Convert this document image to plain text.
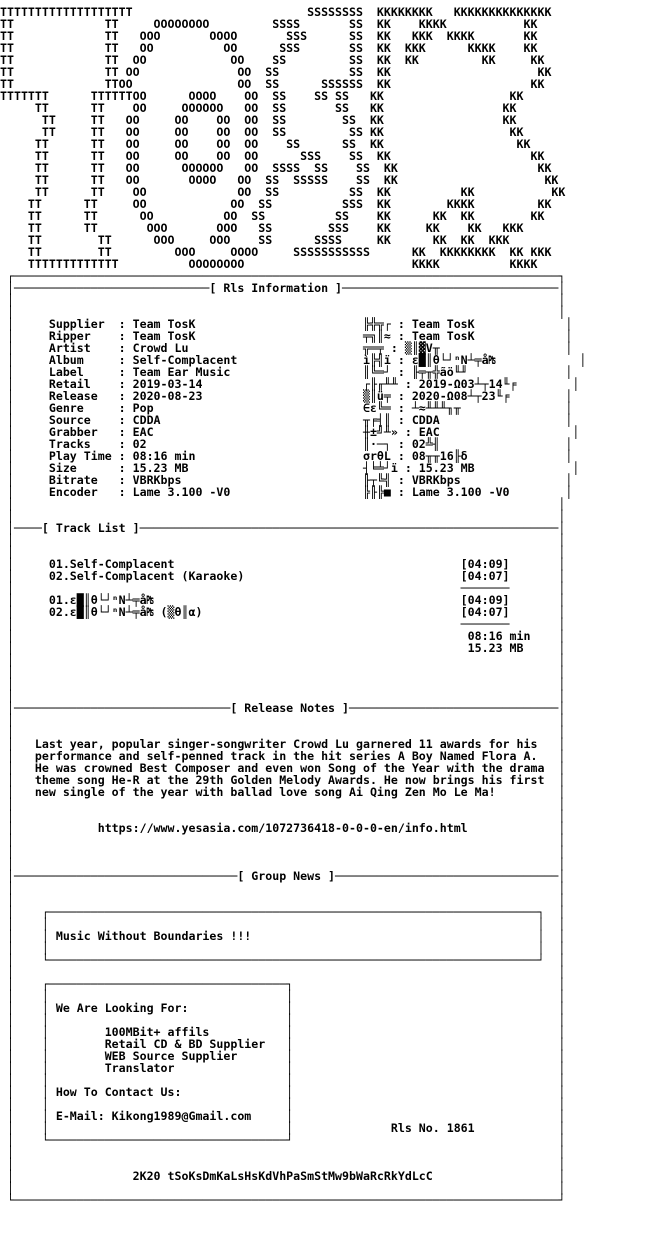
TTTTTTTTTTTTTTTTTTT                         SSSSSSSS  KKKKKKKK   KKKKKKKKKKKKKK
TT             TT     OOOOOOOO         SSSS       SS  KK    KKKK           KK
TT             TT   OOO       OOOO       SSS      SS  KK   KKK  KKKK       KK
TT             TT   OO          OO      SSS       SS  KK  KKK      KKKK    KK
TT             TT  OO            OO    SS         SS  KK  KK         KK     KK
TT             TT OO              OO  SS          SS  KK                     KK
TT             TTOO               OO  SS      SSSSSS  KK                    KK
TTTTTTT      TTTTTTOO      OOOO    OO  SS    SS SS   KK                  KK
TT      TT    OO     OOOOOO   OO  SS       SS   KK                 KK
TT     TT   OO     OO    OO  OO  SS        SS  KK                 KK
TT     TT   OO     OO    OO  OO  SS         SS KK                  KK
TT      TT   OO     OO    OO  OO    SS      SS  KK                   KK
TT      TT   OO     OO    OO  OO      SSS    SS  KK                    KK
TT      TT   OO      OOOOOO   OO  SSSS  SS    SS  KK                    KK
TT      TT   OO       OOOO   OO  SS  SSSSS    SS  KK                     KK
TT      TT    OO             OO  SS          SS  KK          KK           KK
TT      TT     OO            OO  SS          SSS  KK        KKKK         KK
TT      TT      OO          OO  SS          SS    KK      KK  KK        KK
TT      TT       OOO       OOO   SS        SSS    KK     KK    KK   KKK
TT        TT      OOO     OOO    SS      SSSS     KK      KK  KK  KKK
TT        TT         OOO     OOOO     SSSSSSSSSSS      KK  KKKKKKKK  KK KKK
TTTTTTTTTTTTT          OOOOOOOO                        KKKK          KKKK
┌──────────────────────────────────────────────────────────────────────────────┐
│────────────────────────────[ Rls Information ]───────────────────────────────│
│                                                                              │
│                                                                              │
│     Supplier  : Team TosK                        ╠╬╦┌ : Team TosK             │
│     Ripper    : Team TosK                        ╤╗║≈ : Team TosK             │
│     Artist    : Crowd Lu                         ╦═╤ : ▒║▓V╥                  │
│     Album     : Self-Complacent                  ì╠╣ï : ε█║θ└┘ⁿN┴╤å₧            │
│     Label     : Team Ear Music                   ║╚═┘ : ╟╤╥╬ãö╙╜              │
│     Retail    : 2019-03-14                       ┌╟╓╨╨ : 2019-Ω03┴┬14╙╒        │
│     Release   : 2020-08-23                       ▒║ü╤ : 2020-Ω08┴┬23╙╒        │
│     Genre     : Pop                              ∈ε╚═ : ┴≈╨╨╨╖╥               │
│     Source    : CDDA                             ╥╒╡║ : CDDA                  │
│     Grabber   : EAC                              ╫±╝╨» : EAC                   │
│     Tracks    : 02                               ║·─┐ : 02╩╢                  │
│     Play Time : 08:16 min                        σrθL : 08╥╥16╟δ              │
│     Size      : 15.23 MB                         ┤╘╧┘ï : 15.23 MB              │
│     Bitrate   : VBRKbps                          ╟┬╚╣ : VBRKbps               │
│     Encoder   : Lame 3.100 -V0                   ╠╟╠■ : Lame 3.100 -V0        │
│                                                                              │
│                                                                              │
│────[ Track List ]────────────────────────────────────────────────────────────│
│                                                                              │
│                                                                              │
│     01.Self-Complacent                                         [04:09]       │
│     02.Self-Complacent (Karaoke)                               [04:07]       │
│                                                                ───────       │
│     01.ε█║θ└┘ⁿN┴╤å₧                                            [04:09]       │
│     02.ε█║θ└┘ⁿN┴╤å₧ (▒θ║α)                                     [04:07]       │
│                                                                ───────       │
│                                                                 08:16 min    │
│                                                                 15.23 MB     │
│                                                                              │
│                                                                              │
│                                                                              │
│                                                                              │
│───────────────────────────────[ Release Notes ]──────────────────────────────│
│                                                                              │
│                                                                              │
│   Last year, popular singer-songwriter Crowd Lu garnered 11 awards for his   │
│   performance and self-penned track in the hit series A Boy Named Flora A.   │
│   He was crowned Best Composer and even won Song of the Year with the drama  │
│   theme song He-R at the 29th Golden Melody Awards. He now brings his first  │
│   new single of the year with ballad love song Ai Qing Zen Mo Le Ma!         │
│                                                                              │
│                                                                              │
│            https://www.yesasia.com/1072736418-0-0-0-en/info.html             │
│                                                                              │
│                                                                              │
│                                                                              │
│────────────────────────────────[ Group News ]────────────────────────────────│
│                                                                              │
│                                                                              │
│    ┌──────────────────────────────────────────────────────────────────────┐  │
│    │                                                                      │  │
│    │ Music Without Boundaries !!!                                         │  │
│    │                                                                      │  │
│    └──────────────────────────────────────────────────────────────────────┘  │
│                                                                              │
│    ┌──────────────────────────────────┐                                      │
│    │                                  │                                      │
│    │ We Are Looking For:              │                                      │
│    │                                  │                                      │
│    │        100MBit+ affils           │                                      │
│    │        Retail CD & BD Supplier   │                                      │
│    │        WEB Source Supplier       │                                      │
│    │        Translator                │                                      │
│    │                                  │                                      │
│    │ How To Contact Us:               │                                      │
│    │                                  │                                      │
│    │ E-Mail: Kikong1989@Gmail.com     │                                      │
│    │                                  │              Rls No. 1861            │
│    └──────────────────────────────────┘                                      │
│                                                                              │
│                                                                              │
│                 2K20 tSoKsDmKaLsHsKdVhPaSmStMw9bWaRcRkYdLcC                  │
│                                                                              │
└──────────────────────────────────────────────────────────────────────────────┘
